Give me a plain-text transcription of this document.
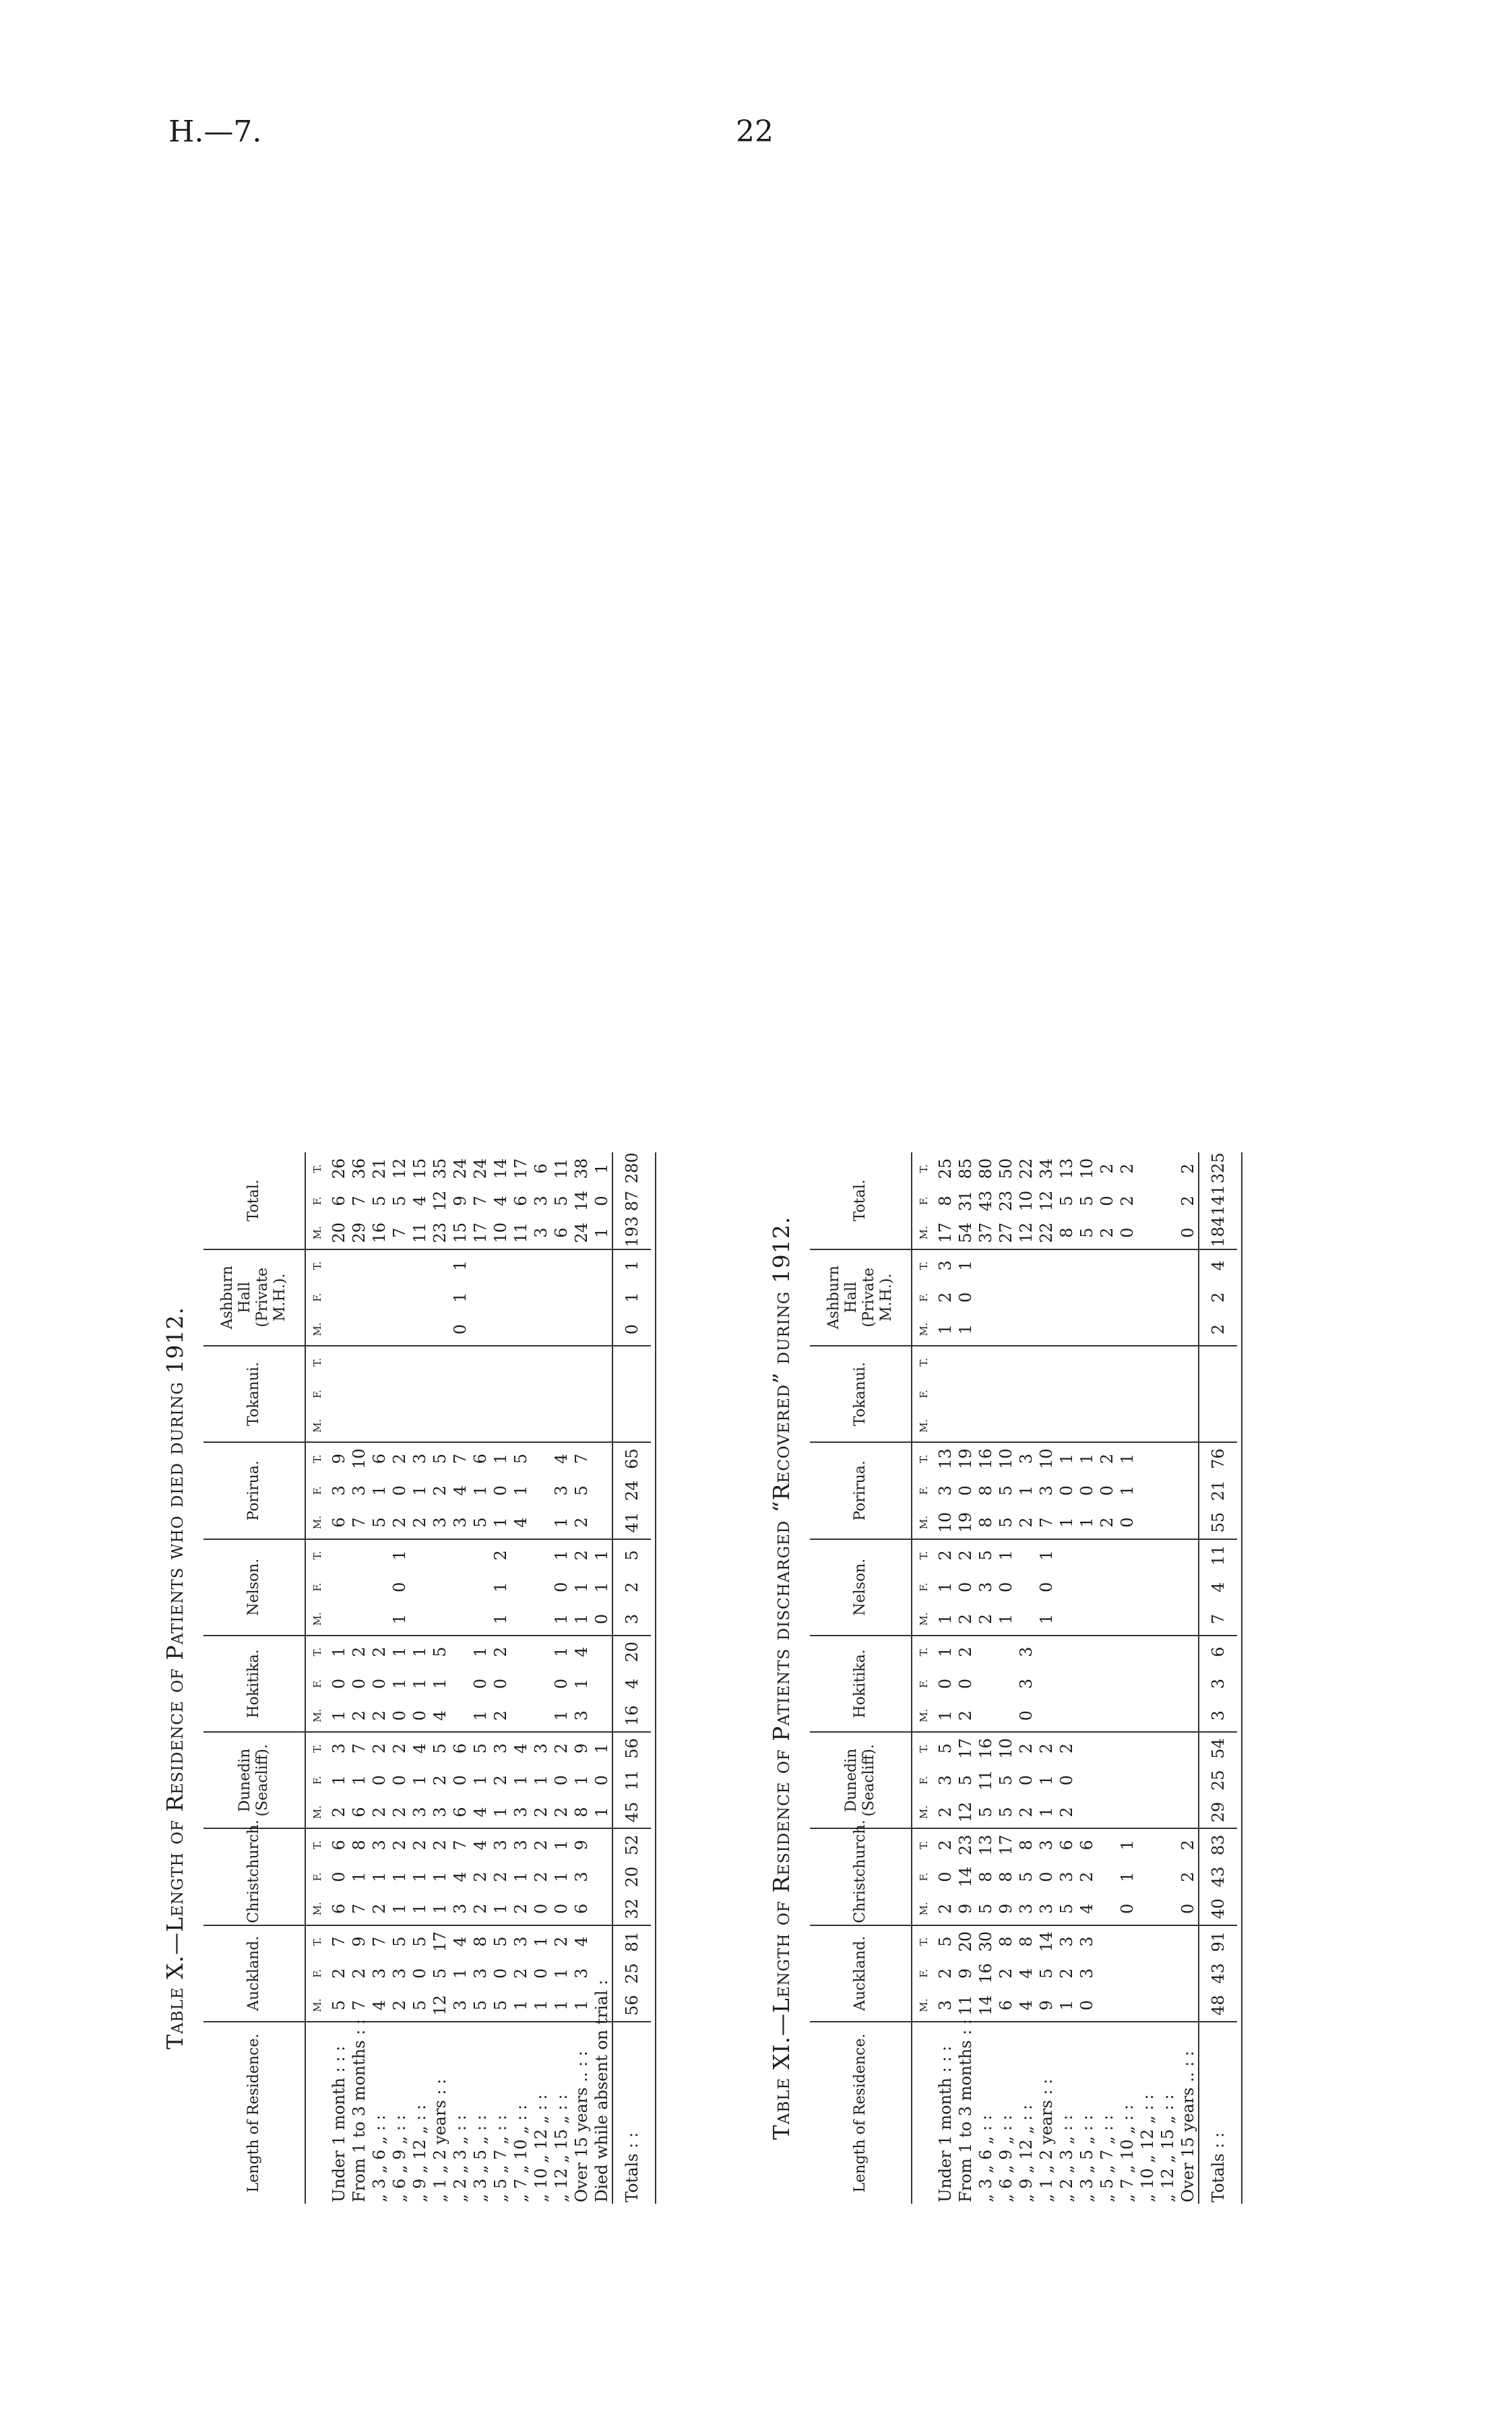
H.—7.	22
Table X.—Length of Residence of Patients who died during 1912.
Length of Residence.	Auckland.			Christchurch.			Dunedin (Seacliff).			Hokitika.			Nelson.			Porirua.			Tokanui.			Ashburn Hall (Private M.H.).			Total.		
	M.	F.	T.	M.	F.	T.	M.	F.	T.	M.	F.	T.	M.	F.	T.	M.	F.	T.	M.	F.	T.	M.	F.	T.	M.	F.	T.
Under 1 month : : :	5	2	7	6	0	6	2	1	3	1	0	1				6	3	9							20	6	26
From 1 to 3 months : :	7	2	9	7	1	8	6	1	7	2	0	2				7	3	10							29	7	36
„ 3 „ 6 „ : :	4	3	7	2	1	3	2	0	2	2	0	2				5	1	6							16	5	21
„ 6 „ 9 „ : :	2	3	5	1	1	2	2	0	2	0	1	1	1	0	1	2	0	2							7	5	12
„ 9 „ 12 „ : :	5	0	5	1	1	2	3	1	4	0	1	1				2	1	3							11	4	15
„ 1 „ 2 years : :	12	5	17	1	1	2	3	2	5	4	1	5				3	2	5							23	12	35
„ 2 „ 3 „ : :	3	1	4	3	4	7	6	0	6							3	4	7				0	1	1	15	9	24
„ 3 „ 5 „ : :	5	3	8	2	2	4	4	1	5	1	0	1				5	1	6							17	7	24
„ 5 „ 7 „ : :	5	0	5	1	2	3	1	2	3	2	0	2	1	1	2	1	0	1							10	4	14
„ 7 „ 10 „ : :	1	2	3	2	1	3	3	1	4							4	1	5							11	6	17
„ 10 „ 12 „ : :	1	0	1	0	2	2	2	1	3																3	3	6
„ 12 „ 15 „ : :	1	1	2	0	1	1	2	0	2	1	0	1	1	0	1	1	3	4							6	5	11
Over 15 years .. : :	1	3	4	6	3	9	8	1	9	3	1	4	1	1	2	2	5	7							24	14	38
Died while absent on trial :							1	0	1				0	1	1										1	0	1
Totals : :	56	25	81	32	20	52	45	11	56	16	4	20	3	2	5	41	24	65				0	1	1	193	87	280

Table XI.—Length of Residence of Patients discharged “Recovered” during 1912.
Length of Residence.	Auckland.			Christchurch.			Dunedin (Seacliff).			Hokitika.			Nelson.			Porirua.			Tokanui.			Ashburn Hall (Private M.H.).			Total.		
	M.	F.	T.	M.	F.	T.	M.	F.	T.	M.	F.	T.	M.	F.	T.	M.	F.	T.	M.	F.	T.	M.	F.	T.	M.	F.	T.
Under 1 month : : :	3	2	5	2	0	2	2	3	5	1	0	1	1	1	2	10	3	13				1	2	3	17	8	25
From 1 to 3 months : :	11	9	20	9	14	23	12	5	17	2	0	2	2	0	2	19	0	19				1	0	1	54	31	85
„ 3 „ 6 „ : :	14	16	30	5	8	13	5	11	16				2	3	5	8	8	16							37	43	80
„ 6 „ 9 „ : :	6	2	8	9	8	17	5	5	10				1	0	1	5	5	10							27	23	50
„ 9 „ 12 „ : :	4	4	8	3	5	8	2	0	2	0	3	3				2	1	3							12	10	22
„ 1 „ 2 years : :	9	5	14	3	0	3	1	1	2				1	0	1	7	3	10							22	12	34
„ 2 „ 3 „ : :	1	2	3	5	3	6	2	0	2							1	0	1							8	5	13
„ 3 „ 5 „ : :	0	3	3	4	2	6										1	0	1							5	5	10
„ 5 „ 7 „ : :																2	0	2							2	0	2
„ 7 „ 10 „ : :				0	1	1										0	1	1							0	2	2
„ 10 „ 12 „ : :																											
„ 12 „ 15 „ : :																											
Over 15 years .. : :				0	2	2																			0	2	2
Totals : :	48	43	91	40	43	83	29	25	54	3	3	6	7	4	11	55	21	76				2	2	4	184	141	325
